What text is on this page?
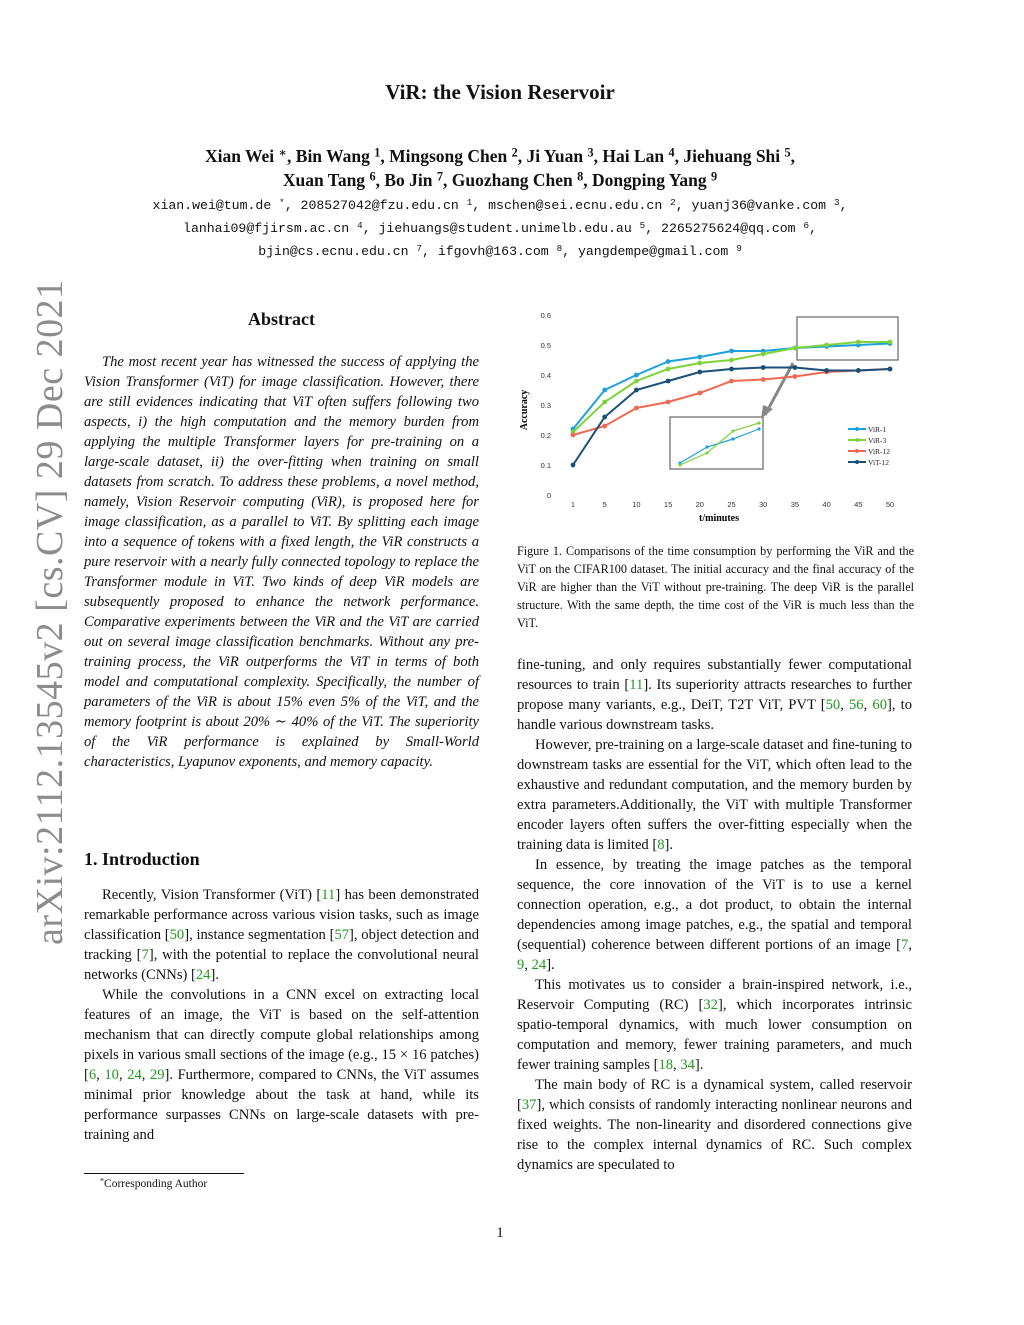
arXiv:2112.13545v2 [cs.CV] 29 Dec 2021
ViR: the Vision Reservoir
Xian Wei ∗, Bin Wang $^1$, Mingsong Chen $^2$, Ji Yuan $^3$, Hai Lan $^4$, Jiehuang Shi $^5$,
Xuan Tang $^6$, Bo Jin $^7$, Guozhang Chen $^8$, Dongping Yang $^9$
xian.wei@tum.de *, 208527042@fzu.edu.cn $^1$, mschen@sei.ecnu.edu.cn $^2$, yuanj36@vanke.com $^3$,
lanhai09@fjirsm.ac.cn $^4$, jiehuangs@student.unimelb.edu.au $^5$, 2265275624@qq.com $^6$,
bjin@cs.ecnu.edu.cn $^7$, ifgovh@163.com $^8$, yangdempe@gmail.com $^9$
Abstract

The most recent year has witnessed the success of applying the Vision Transformer (ViT) for image classification. However, there are still evidences indicating that ViT often suffers following two aspects, i) the high computation and the memory burden from applying the multiple Transformer layers for pre-training on a large-scale dataset, ii) the over-fitting when training on small datasets from scratch. To address these problems, a novel method, namely, Vision Reservoir computing (ViR), is proposed here for image classification, as a parallel to ViT. By splitting each image into a sequence of tokens with a fixed length, the ViR constructs a pure reservoir with a nearly fully connected topology to replace the Transformer module in ViT. Two kinds of deep ViR models are subsequently proposed to enhance the network performance. Comparative experiments between the ViR and the ViT are carried out on several image classification benchmarks. Without any pre-training process, the ViR outperforms the ViT in terms of both model and computational complexity. Specifically, the number of parameters of the ViR is about 15% even 5% of the ViT, and the memory footprint is about 20% ∼ 40% of the ViT. The superiority of the ViR performance is explained by Small-World characteristics, Lyapunov exponents, and memory capacity.

1. Introduction

Recently, Vision Transformer (ViT) [11] has been demonstrated remarkable performance across various vision tasks, such as image classification [50], instance segmentation [57], object detection and tracking [7], with the potential to replace the convolutional neural networks (CNNs) [24].

While the convolutions in a CNN excel on extracting local features of an image, the ViT is based on the self-attention mechanism that can directly compute global relationships among pixels in various small sections of the image (e.g., 15 × 16 patches) [6, 10, 24, 29]. Furthermore, compared to CNNs, the ViT assumes minimal prior knowledge about the task at hand, while its performance surpasses CNNs on large-scale datasets with pre-training and

*Corresponding Author
0
0.1
0.2
0.3
0.4
0.5
0.6
1	5	10	15	20	25	30	35	40	45	50
ViR-1
ViR-3
ViR-12
ViT-12
Accuracy
t/minutes
Figure 1. Comparisons of the time consumption by performing the ViR and the ViT on the CIFAR100 dataset. The initial accuracy and the final accuracy of the ViR are higher than the ViT without pre-training. The deep ViR is the parallel structure. With the same depth, the time cost of the ViR is much less than the ViT.

fine-tuning, and only requires substantially fewer computational resources to train [11]. Its superiority attracts researches to further propose many variants, e.g., DeiT, T2T ViT, PVT [50, 56, 60], to handle various downstream tasks.

However, pre-training on a large-scale dataset and fine-tuning to downstream tasks are essential for the ViT, which often lead to the exhaustive and redundant computation, and the memory burden by extra parameters.Additionally, the ViT with multiple Transformer encoder layers often suffers the over-fitting especially when the training data is limited [8].

In essence, by treating the image patches as the temporal sequence, the core innovation of the ViT is to use a kernel connection operation, e.g., a dot product, to obtain the internal dependencies among image patches, e.g., the spatial and temporal (sequential) coherence between different portions of an image [7, 9, 24].

This motivates us to consider a brain-inspired network, i.e., Reservoir Computing (RC) [32], which incorporates intrinsic spatio-temporal dynamics, with much lower consumption on computation and memory, fewer training parameters, and much fewer training samples [18, 34].

The main body of RC is a dynamical system, called reservoir [37], which consists of randomly interacting nonlinear neurons and fixed weights. The non-linearity and disordered connections give rise to the complex internal dynamics of RC. Such complex dynamics are speculated to

1
